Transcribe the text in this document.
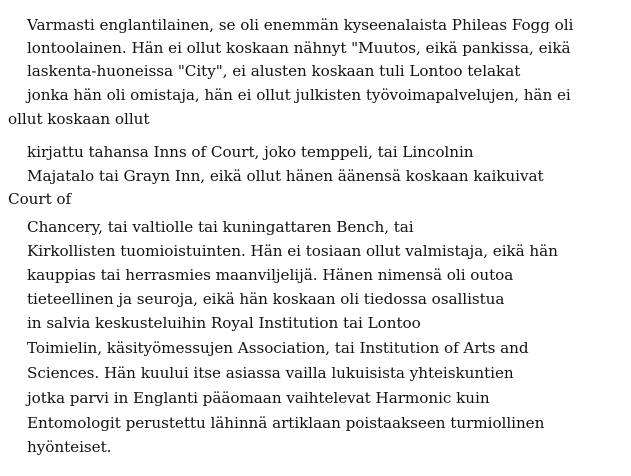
Varmasti englantilainen, se oli enemmän kyseenalaista Phileas Fogg oli

lontoolainen. Hän ei ollut koskaan nähnyt "Muutos, eikä pankissa, eikä

laskenta-huoneissa "City", ei alusten koskaan tuli Lontoo telakat

jonka hän oli omistaja, hän ei ollut julkisten työvoimapalvelujen, hän ei

ollut koskaan ollut

kirjattu tahansa Inns of Court, joko temppeli, tai Lincolnin

Majatalo tai Grayn Inn, eikä ollut hänen äänensä koskaan kaikuivat

Court of

Chancery, tai valtiolle tai kuningattaren Bench, tai

Kirkollisten tuomioistuinten. Hän ei tosiaan ollut valmistaja, eikä hän

kauppias tai herrasmies maanviljelijä. Hänen nimensä oli outoa

tieteellinen ja seuroja, eikä hän koskaan oli tiedossa osallistua

in salvia keskusteluihin Royal Institution tai Lontoo

Toimielin, käsityömessujen Association, tai Institution of Arts and

Sciences. Hän kuului itse asiassa vailla lukuisista yhteiskuntien

jotka parvi in Englanti pääomaan vaihtelevat Harmonic kuin

Entomologit perustettu lähinnä artiklaan poistaakseen turmiollinen

hyönteiset.
